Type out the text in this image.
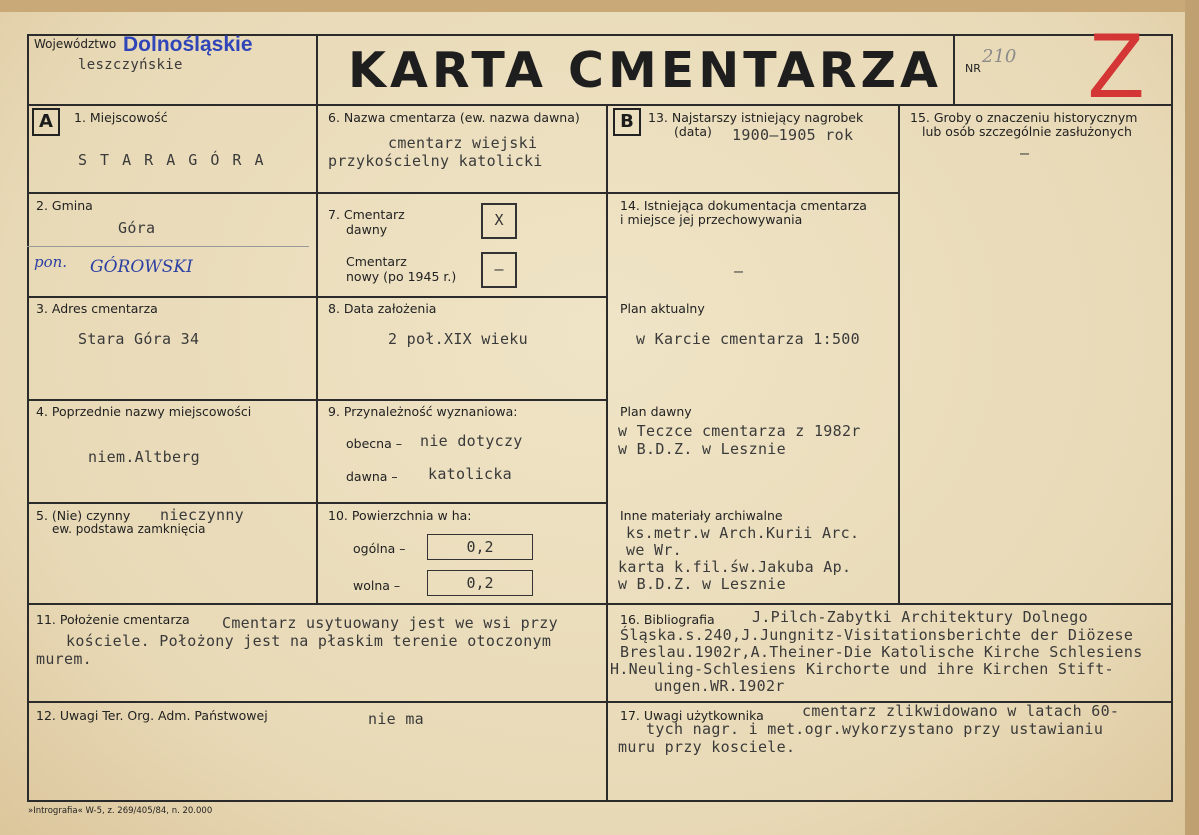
Województwo Dolnośląskie
leszczyńskie	KARTA CMENTARZA NR
210 Z
A	1. Miejscowość
S T A R A G Ó R A
2. Gmina
Góra
pon. GÓROWSKI
3. Adres cmentarza
Stara Góra 34
4. Poprzednie nazwy miejscowości
niem.Altberg
5. (Nie) czynny
ew. podstawa zamknięcia
nieczynny
6. Nazwa cmentarza (ew. nazwa dawna)
cmentarz wiejski
przykościelny katolicki
7. Cmentarz
dawny
X
Cmentarz
nowy (po 1945 r.)	–
8. Data założenia
2 poł.XIX wieku
9. Przynależność wyznaniowa:
obecna – nie dotyczy
dawna – katolicka
10. Powierzchnia w ha:
ogólna –	0,2
wolna –	0,2
B	13. Najstarszy istniejący nagrobek
(data) 1900–1905 rok
14. Istniejąca dokumentacja cmentarza
i miejsce jej przechowywania
–
Plan aktualny
w Karcie cmentarza 1:500
Plan dawny
w Teczce cmentarza z 1982r
w B.D.Z. w Lesznie
Inne materiały archiwalne
ks.metr.w Arch.Kurii Arc.
we Wr.
karta k.fil.św.Jakuba Ap.
w B.D.Z. w Lesznie
15. Groby o znaczeniu historycznym
lub osób szczególnie zasłużonych
–
11. Położenie cmentarza Cmentarz usytuowany jest we wsi przy
kościele. Położony jest na płaskim terenie otoczonym
murem.
16. Bibliografia J.Pilch-Zabytki Architektury Dolnego
Śląska.s.240,J.Jungnitz-Visitationsberichte der Diözese
Breslau.1902r,A.Theiner-Die Katolische Kirche Schlesiens
H.Neuling-Schlesiens Kirchorte und ihre Kirchen Stift-
ungen.WR.1902r
12. Uwagi Ter. Org. Adm. Państwowej	nie ma	17. Uwagi użytkownika	cmentarz zlikwidowano w latach 60-
tych nagr. i met.ogr.wykorzystano przy ustawianiu
muru przy kosciele.
»Intrografia« W-5, z. 269/405/84, n. 20.000
